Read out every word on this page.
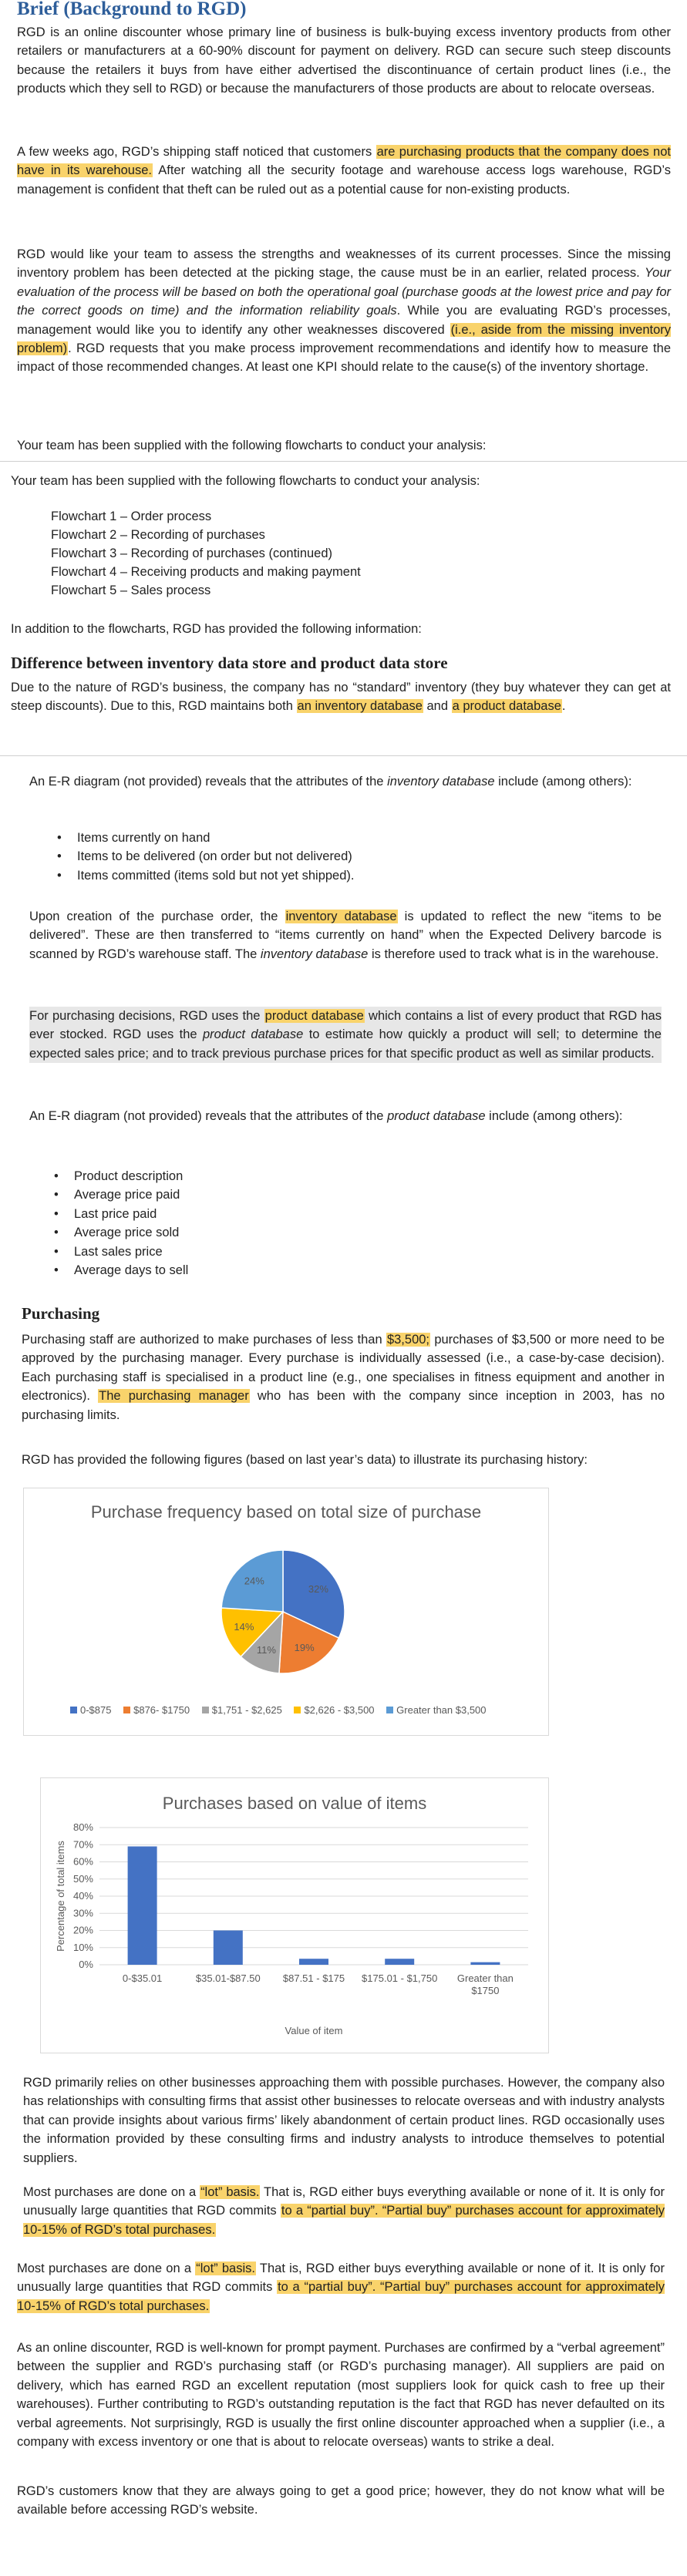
Brief (Background to RGD)

RGD is an online discounter whose primary line of business is bulk-buying excess inventory products from other retailers or manufacturers at a 60-90% discount for payment on delivery. RGD can secure such steep discounts because the retailers it buys from have either advertised the discontinuance of certain product lines (i.e., the products which they sell to RGD) or because the manufacturers of those products are about to relocate overseas.

A few weeks ago, RGD’s shipping staff noticed that customers are purchasing products that the company does not have in its warehouse. After watching all the security footage and warehouse access logs warehouse, RGD’s management is confident that theft can be ruled out as a potential cause for non-existing products.

RGD would like your team to assess the strengths and weaknesses of its current processes. Since the missing inventory problem has been detected at the picking stage, the cause must be in an earlier, related process. Your evaluation of the process will be based on both the operational goal (purchase goods at the lowest price and pay for the correct goods on time) and the information reliability goals. While you are evaluating RGD’s processes, management would like you to identify any other weaknesses discovered (i.e., aside from the missing inventory problem). RGD requests that you make process improvement recommendations and identify how to measure the impact of those recommended changes. At least one KPI should relate to the cause(s) of the inventory shortage.

Your team has been supplied with the following flowcharts to conduct your analysis:

Your team has been supplied with the following flowcharts to conduct your analysis:

Flowchart 1 – Order process
Flowchart 2 – Recording of purchases
Flowchart 3 – Recording of purchases (continued)
Flowchart 4 – Receiving products and making payment
Flowchart 5 – Sales process

In addition to the flowcharts, RGD has provided the following information:

Difference between inventory data store and product data store

Due to the nature of RGD’s business, the company has no “standard” inventory (they buy whatever they can get at steep discounts). Due to this, RGD maintains both an inventory database and a product database.

An E-R diagram (not provided) reveals that the attributes of the inventory database include (among others):

• Items currently on hand
• Items to be delivered (on order but not delivered)
• Items committed (items sold but not yet shipped).

Upon creation of the purchase order, the inventory database is updated to reflect the new “items to be delivered”. These are then transferred to “items currently on hand” when the Expected Delivery barcode is scanned by RGD’s warehouse staff. The inventory database is therefore used to track what is in the warehouse.

For purchasing decisions, RGD uses the product database which contains a list of every product that RGD has ever stocked. RGD uses the product database to estimate how quickly a product will sell; to determine the expected sales price; and to track previous purchase prices for that specific product as well as similar products.

An E-R diagram (not provided) reveals that the attributes of the product database include (among others):

• Product description
• Average price paid
• Last price paid
• Average price sold
• Last sales price
• Average days to sell
Purchasing

Purchasing staff are authorized to make purchases of less than $3,500; purchases of $3,500 or more need to be approved by the purchasing manager. Every purchase is individually assessed (i.e., a case-by-case decision). Each purchasing staff is specialised in a product line (e.g., one specialises in fitness equipment and another in electronics). The purchasing manager who has been with the company since inception in 2003, has no purchasing limits.

RGD has provided the following figures (based on last year’s data) to illustrate its purchasing history:

Purchase frequency based on total size of purchase
32%
19%
11%
14%
24%
0-$875 $876- $1750 $1,751 - $2,625 $2,626 - $3,500 Greater than $3,500
Purchases based on value of items
0%
10%
20%
30%
40%
50%
60%
70%
80%
0-$35.01	$35.01-$87.50 $87.51 - $175 $175.01 - $1,750 Greater than
$1750
Value of item
Percentage of total items

RGD primarily relies on other businesses approaching them with possible purchases. However, the company also has relationships with consulting firms that assist other businesses to relocate overseas and with industry analysts that can provide insights about various firms’ likely abandonment of certain product lines. RGD occasionally uses the information provided by these consulting firms and industry analysts to introduce themselves to potential suppliers.

Most purchases are done on a “lot” basis. That is, RGD either buys everything available or none of it. It is only for unusually large quantities that RGD commits to a “partial buy”. “Partial buy” purchases account for approximately 10-15% of RGD’s total purchases.

Most purchases are done on a “lot” basis. That is, RGD either buys everything available or none of it. It is only for unusually large quantities that RGD commits to a “partial buy”. “Partial buy” purchases account for approximately 10-15% of RGD’s total purchases.

As an online discounter, RGD is well-known for prompt payment. Purchases are confirmed by a “verbal agreement” between the supplier and RGD’s purchasing staff (or RGD’s purchasing manager). All suppliers are paid on delivery, which has earned RGD an excellent reputation (most suppliers look for quick cash to free up their warehouses). Further contributing to RGD’s outstanding reputation is the fact that RGD has never defaulted on its verbal agreements. Not surprisingly, RGD is usually the first online discounter approached when a supplier (i.e., a company with excess inventory or one that is about to relocate overseas) wants to strike a deal.

RGD’s customers know that they are always going to get a good price; however, they do not know what will be available before accessing RGD’s website.
